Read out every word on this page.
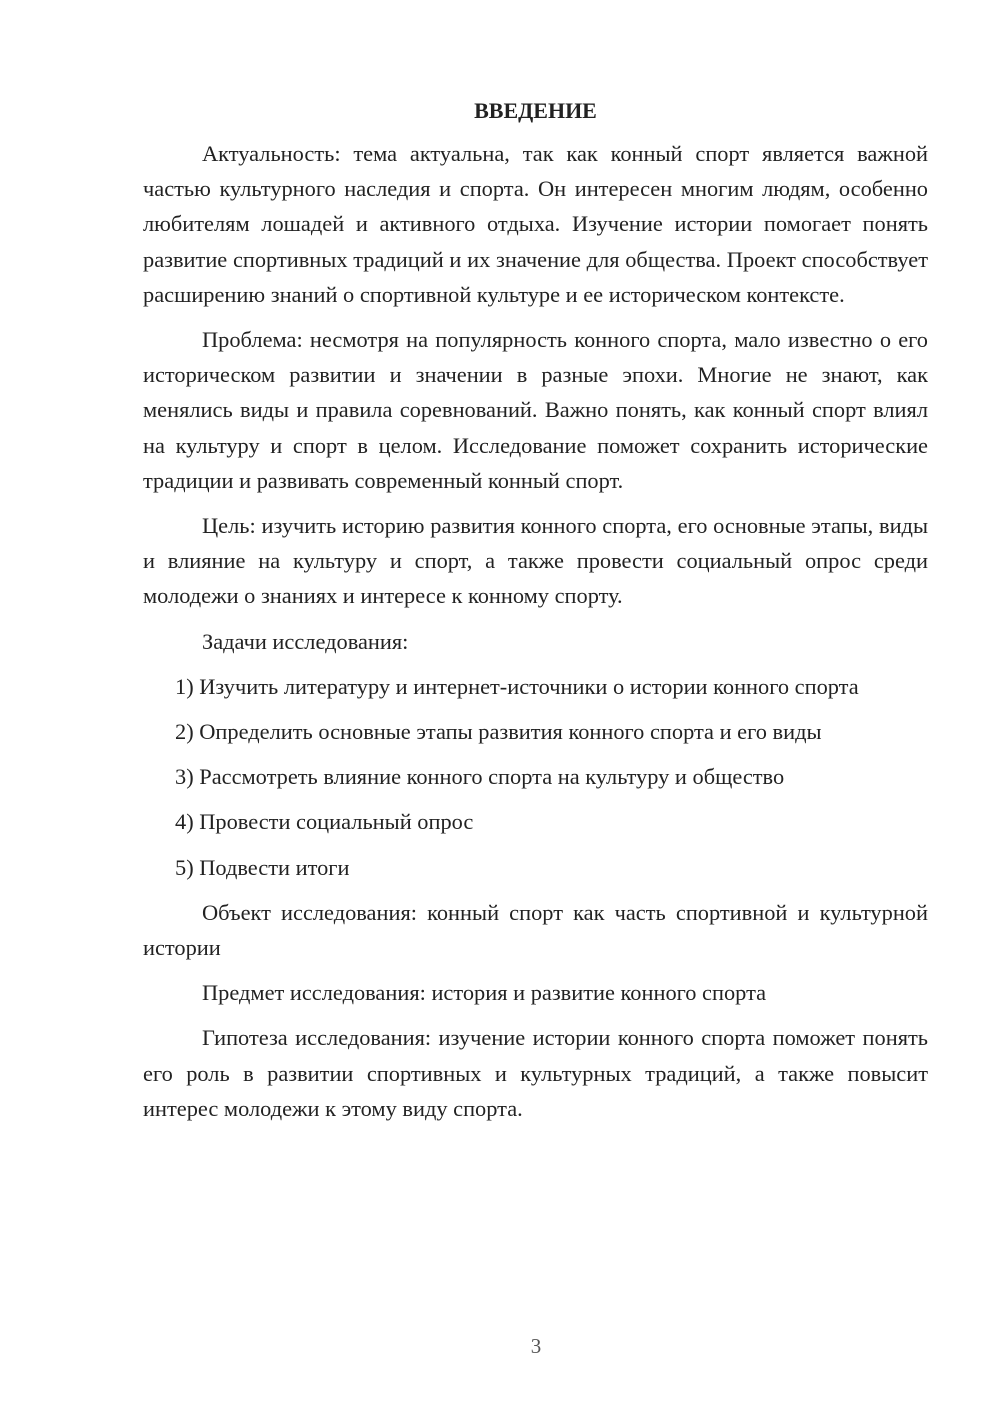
ВВЕДЕНИЕ

Актуальность: тема актуальна, так как конный спорт является важной частью культурного наследия и спорта. Он интересен многим людям, особенно любителям лошадей и активного отдыха. Изучение истории помогает понять развитие спортивных традиций и их значение для общества. Проект способствует расширению знаний о спортивной культуре и ее историческом контексте.

Проблема: несмотря на популярность конного спорта, мало известно о его историческом развитии и значении в разные эпохи. Многие не знают, как менялись виды и правила соревнований. Важно понять, как конный спорт влиял на культуру и спорт в целом. Исследование поможет сохранить исторические традиции и развивать современный конный спорт.

Цель: изучить историю развития конного спорта, его основные этапы, виды и влияние на культуру и спорт, а также провести социальный опрос среди молодежи о знаниях и интересе к конному спорту.

Задачи исследования:

1) Изучить литературу и интернет-источники о истории конного спорта

2) Определить основные этапы развития конного спорта и его виды

3) Рассмотреть влияние конного спорта на культуру и общество

4) Провести социальный опрос

5) Подвести итоги

Объект исследования: конный спорт как часть спортивной и культурной истории

Предмет исследования: история и развитие конного спорта

Гипотеза исследования: изучение истории конного спорта поможет понять его роль в развитии спортивных и культурных традиций, а также повысит интерес молодежи к этому виду спорта.

3
